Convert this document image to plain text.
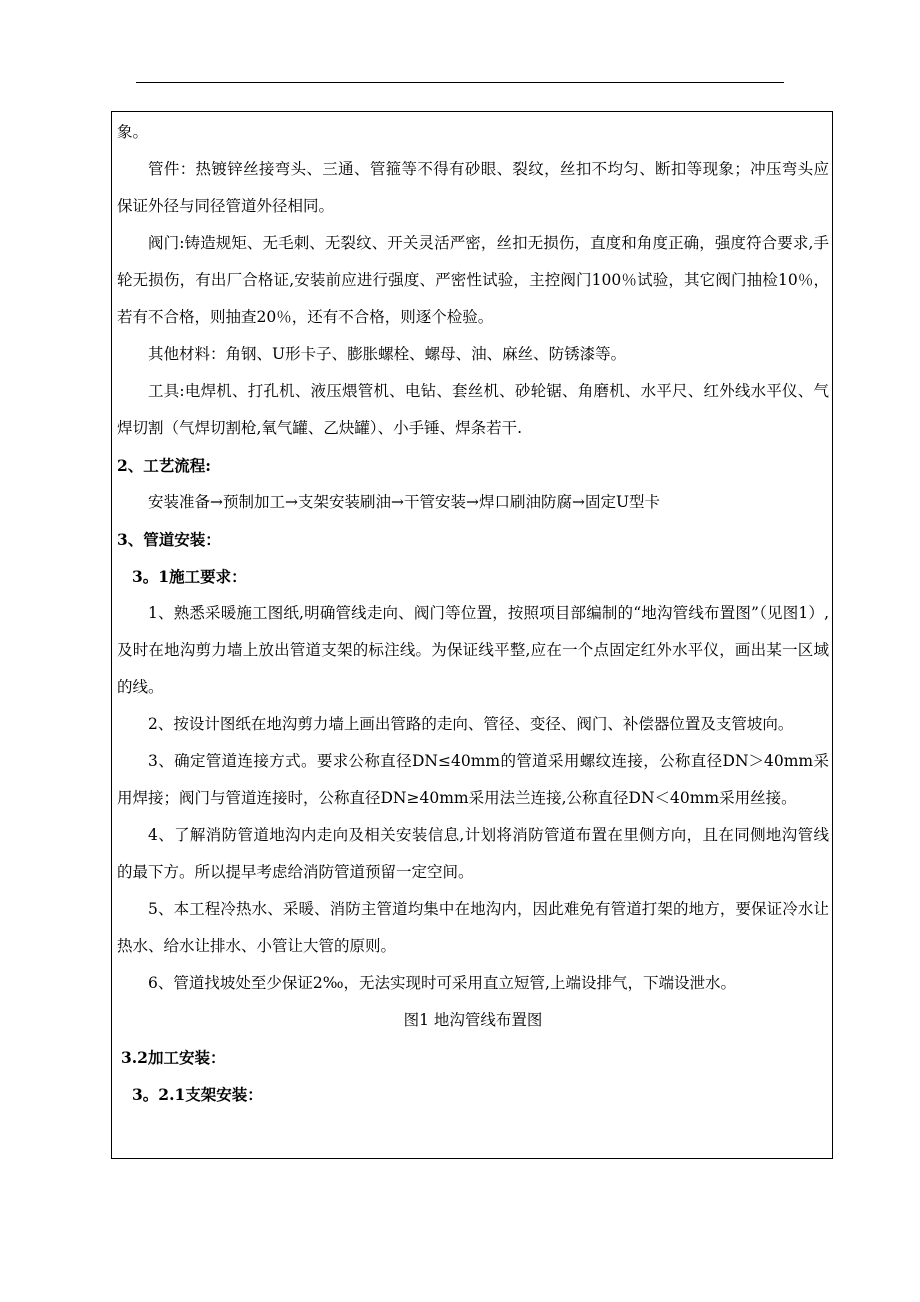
象。

管件：热镀锌丝接弯头、三通、管箍等不得有砂眼、裂纹，丝扣不均匀、断扣等现象；冲压弯头应保证外径与同径管道外径相同。

阀门:铸造规矩、无毛刺、无裂纹、开关灵活严密，丝扣无损伤，直度和角度正确，强度符合要求,手轮无损伤，有出厂合格证,安装前应进行强度、严密性试验，主控阀门100％试验，其它阀门抽检10％，若有不合格，则抽查20％，还有不合格，则逐个检验。

其他材料：角钢、U形卡子、膨胀螺栓、螺母、油、麻丝、防锈漆等。

工具:电焊机、打孔机、液压煨管机、电钻、套丝机、砂轮锯、角磨机、水平尺、红外线水平仪、气焊切割（气焊切割枪,氧气罐、乙炔罐）、小手锤、焊条若干.

2、工艺流程:

安装准备→预制加工→支架安装刷油→干管安装→焊口刷油防腐→固定U型卡

3、管道安装：

3。1施工要求：

1、熟悉采暖施工图纸,明确管线走向、阀门等位置，按照项目部编制的“地沟管线布置图”（见图1）,及时在地沟剪力墙上放出管道支架的标注线。为保证线平整,应在一个点固定红外水平仪，画出某一区域的线。

2、按设计图纸在地沟剪力墙上画出管路的走向、管径、变径、阀门、补偿器位置及支管坡向。

3、确定管道连接方式。要求公称直径DN≤40mm的管道采用螺纹连接，公称直径DN＞40mm采用焊接；阀门与管道连接时，公称直径DN≥40mm采用法兰连接,公称直径DN＜40mm采用丝接。

4、了解消防管道地沟内走向及相关安装信息,计划将消防管道布置在里侧方向，且在同侧地沟管线的最下方。所以提早考虑给消防管道预留一定空间。

5、本工程冷热水、采暖、消防主管道均集中在地沟内，因此难免有管道打架的地方，要保证冷水让热水、给水让排水、小管让大管的原则。

6、管道找坡处至少保证2‰，无法实现时可采用直立短管,上端设排气，下端设泄水。

图1 地沟管线布置图

3.2加工安装：

3。2.1支架安装：
